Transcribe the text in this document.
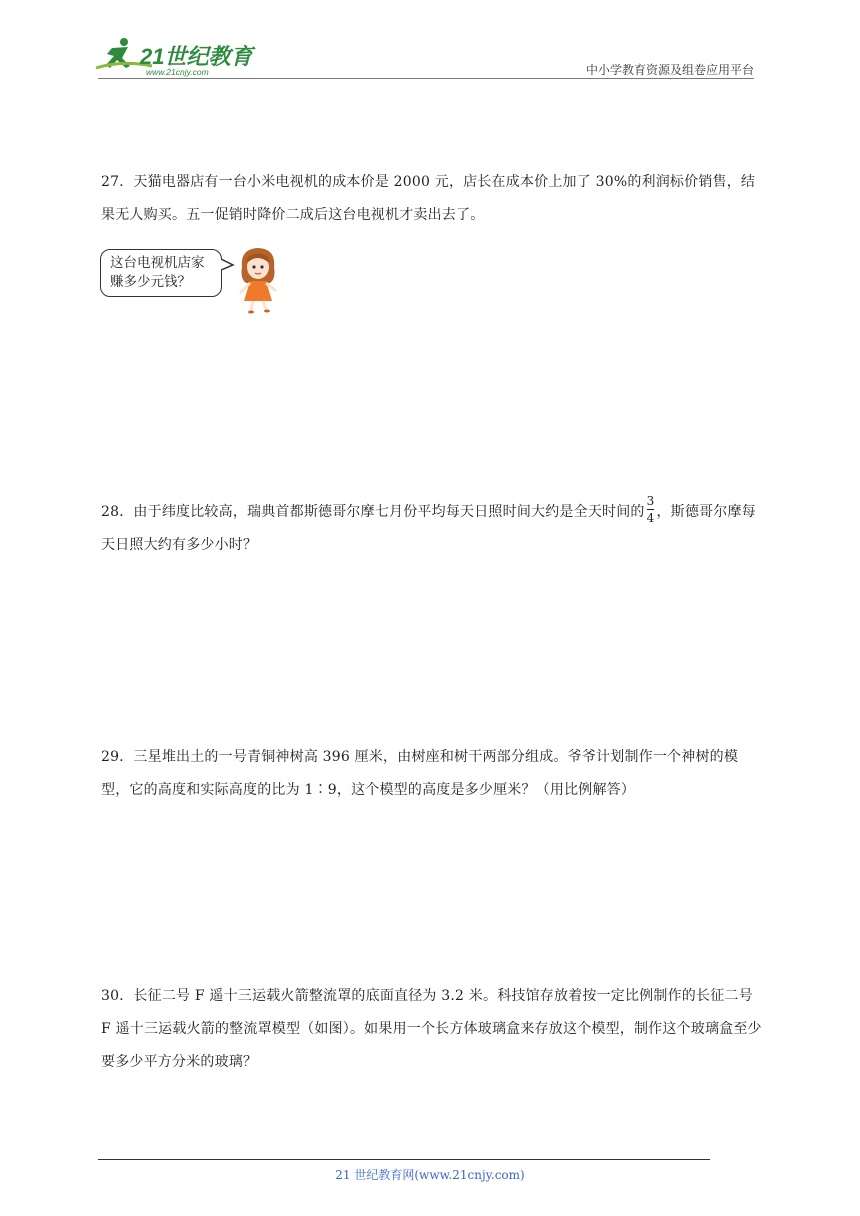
21世纪教育
www.21cnjy.com	中小学教育资源及组卷应用平台
27．天猫电器店有一台小米电视机的成本价是 2000 元，店长在成本价上加了 30%的利润标价销售，结果无人购买。五一促销时降价二成后这台电视机才卖出去了。
这台电视机店家
赚多少元钱？
28．由于纬度比较高，瑞典首都斯德哥尔摩七月份平均每天日照时间大约是全天时间的 $\frac{3}{4}$ ，斯德哥尔摩每天日照大约有多少小时？
29．三星堆出土的一号青铜神树高 396 厘米，由树座和树干两部分组成。爷爷计划制作一个神树的模型，它的高度和实际高度的比为 1∶9，这个模型的高度是多少厘米？（用比例解答）
30．长征二号 F 遥十三运载火箭整流罩的底面直径为 3.2 米。科技馆存放着按一定比例制作的长征二号 F 遥十三运载火箭的整流罩模型（如图）。如果用一个长方体玻璃盒来存放这个模型，制作这个玻璃盒至少要多少平方分米的玻璃？
21 世纪教育网(www.21cnjy.com)
